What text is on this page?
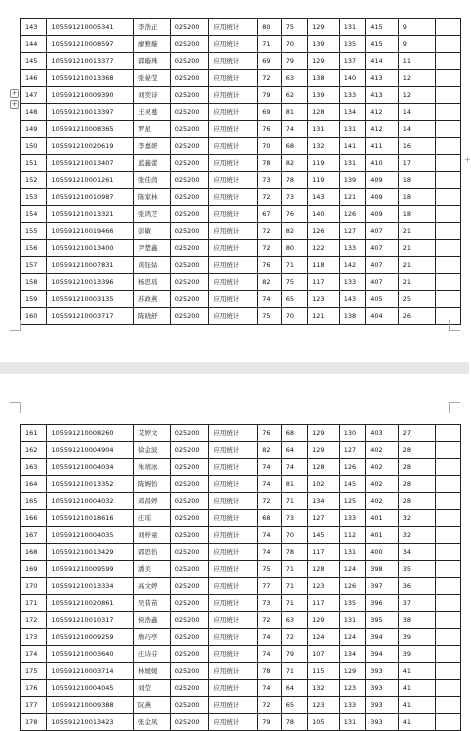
+
+
143	105591210005341	李浩正	025200	应用统计	80	75	129	131	415	9	
144	105591210008597	廖雅璇	025200	应用统计	71	70	139	135	415	9	
145	105591210013377	郭璇珠	025200	应用统计	69	79	129	137	414	11	
146	105591210013368	张晏莹	025200	应用统计	72	63	138	140	413	12	
147	105591210009390	刘奕诗	025200	应用统计	79	62	139	133	413	12	
148	105591210013397	王灵蔓	025200	应用统计	69	81	128	134	412	14	
149	105591210008365	罗星	025200	应用统计	76	74	131	131	412	14	
150	105591210020619	李嘉妍	025200	应用统计	70	68	132	141	411	16	
151	105591210013407	蓝鑫蕾	025200	应用统计	78	82	119	131	410	17	
152	105591210001261	张佳茵	025200	应用统计	73	78	119	139	409	18	
153	105591210010987	陈家林	025200	应用统计	72	73	143	121	409	18	
154	105591210013321	张鸿芝	025200	应用统计	67	76	140	126	409	18	
155	105591210019466	彭敏	025200	应用统计	72	82	126	127	407	21	
156	105591210013400	尹楚鑫	025200	应用统计	72	80	122	133	407	21	
157	105591210007831	黄钰姑	025200	应用统计	76	71	118	142	407	21	
158	105591210013396	杨思瑶	025200	应用统计	82	75	117	133	407	21	
159	105591210003135	苏政燕	025200	应用统计	74	65	123	143	405	25	
160	105591210003717	陈晓舒	025200	应用统计	75	70	121	138	404	26	
+
161	105591210008260	艾婷文	025200	应用统计	76	68	129	130	403	27	
162	105591210004904	徐金波	025200	应用统计	82	64	129	127	402	28	
163	105591210004034	朱靖冰	025200	应用统计	74	74	128	126	402	28	
164	105591210013352	陈婉怡	025200	应用统计	74	81	102	145	402	28	
165	105591210004032	邓昌婷	025200	应用统计	72	71	134	125	402	28	
166	105591210018616	庄瑶	025200	应用统计	68	73	127	133	401	32	
167	105591210004035	刘梓童	025200	应用统计	74	70	145	112	401	32	
168	105591210013429	郭思怡	025200	应用统计	74	78	117	131	400	34	
169	105591210009599	潘美	025200	应用统计	75	71	128	124	398	35	
170	105591210013334	高文婷	025200	应用统计	77	71	123	126	397	36	
171	105591210020861	吴昔苗	025200	应用统计	73	71	117	135	396	37	
172	105591210010317	侯浩鑫	025200	应用统计	72	63	129	131	395	38	
173	105591210009259	詹巧亭	025200	应用统计	74	72	124	124	394	39	
174	105591210003640	庄诗芬	025200	应用统计	74	79	107	134	394	39	
175	105591210003714	林媛媛	025200	应用统计	78	71	115	129	393	41	
176	105591210004045	刘莹	025200	应用统计	74	64	132	123	393	41	
177	105591210009388	阮燕	025200	应用统计	72	65	123	133	393	41	
178	105591210013423	张金凤	025200	应用统计	79	78	105	131	393	41	
